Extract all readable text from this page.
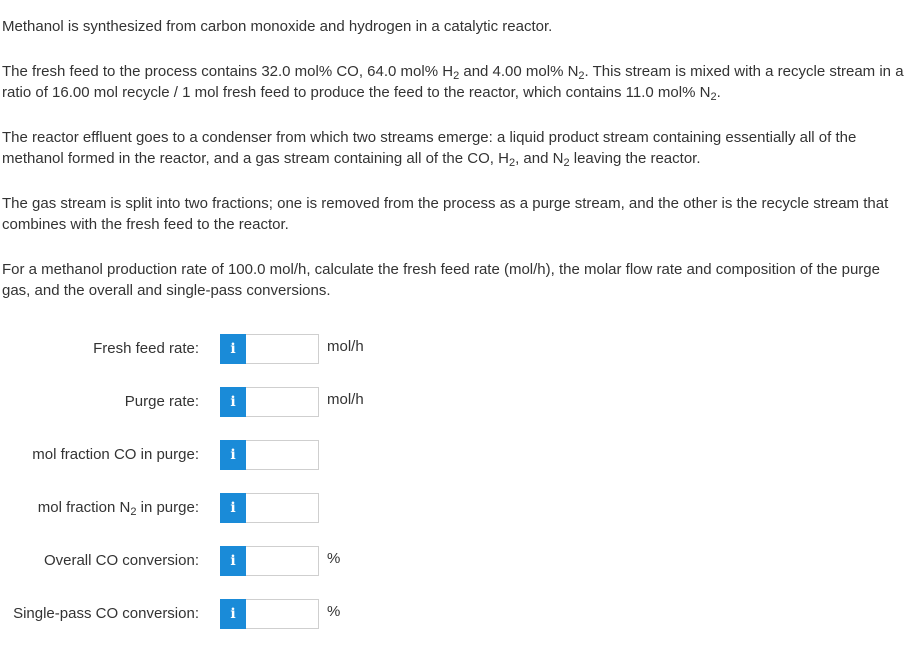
Methanol is synthesized from carbon monoxide and hydrogen in a catalytic reactor.

The fresh feed to the process contains 32.0 mol% CO, 64.0 mol% $H_2$ and 4.00 mol% $N_2$. This stream is mixed with a recycle stream in a ratio of 16.00 mol recycle / 1 mol fresh feed to produce the feed to the reactor, which contains 11.0 mol% $N_2$.

The reactor effluent goes to a condenser from which two streams emerge: a liquid product stream containing essentially all of the methanol formed in the reactor, and a gas stream containing all of the CO, $H_2$, and $N_2$ leaving the reactor.

The gas stream is split into two fractions; one is removed from the process as a purge stream, and the other is the recycle stream that combines with the fresh feed to the reactor.

For a methanol production rate of 100.0 mol/h, calculate the fresh feed rate (mol/h), the molar flow rate and composition of the purge gas, and the overall and single-pass conversions.

Fresh feed rate:	i	mol/h
Purge rate:	i	mol/h
mol fraction CO in purge:	i
mol fraction $N_2$ in purge:	i
Overall CO conversion:	i	%
Single-pass CO conversion:	i	%
